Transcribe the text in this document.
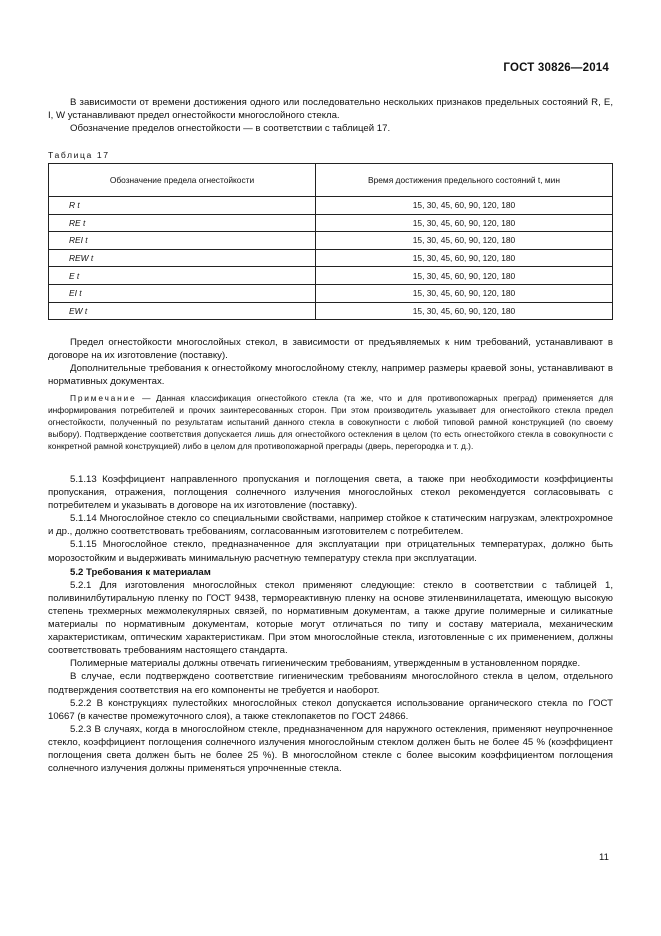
ГОСТ 30826—2014

В зависимости от времени достижения одного или последовательно нескольких признаков предельных состояний R, E, I, W устанавливают предел огнестойкости многослойного стекла.

Обозначение пределов огнестойкости — в соответствии с таблицей 17.

Таблица 17
Обозначение предела огнестойкости	Время достижения предельного состояний t, мин
R t	15, 30, 45, 60, 90, 120, 180
RE t	15, 30, 45, 60, 90, 120, 180
REI t	15, 30, 45, 60, 90, 120, 180
REW t	15, 30, 45, 60, 90, 120, 180
E t	15, 30, 45, 60, 90, 120, 180
EI t	15, 30, 45, 60, 90, 120, 180
EW t	15, 30, 45, 60, 90, 120, 180

Предел огнестойкости многослойных стекол, в зависимости от предъявляемых к ним требований, устанавливают в договоре на их изготовление (поставку).

Дополнительные требования к огнестойкому многослойному стеклу, например размеры краевой зоны, устанавливают в нормативных документах.

Примечание — Данная классификация огнестойкого стекла (та же, что и для противопожарных преград) применяется для информирования потребителей и прочих заинтересованных сторон. При этом производитель указывает для огнестойкого стекла предел огнестойкости, полученный по результатам испытаний данного стекла в совокупности с любой типовой рамной конструкцией (по своему выбору). Подтверждение соответствия допускается лишь для огнестойкого остекления в целом (то есть огнестойкого стекла в совокупности с конкретной рамной конструкцией) либо в целом для противопожарной преграды (дверь, перегородка и т. д.).

5.1.13 Коэффициент направленного пропускания и поглощения света, а также при необходимости коэффициенты пропускания, отражения, поглощения солнечного излучения многослойных стекол рекомендуется согласовывать с потребителем и указывать в договоре на их изготовление (поставку).

5.1.14 Многослойное стекло со специальными свойствами, например стойкое к статическим нагрузкам, электрохромное и др., должно соответствовать требованиям, согласованным изготовителем с потребителем.

5.1.15 Многослойное стекло, предназначенное для эксплуатации при отрицательных температурах, должно быть морозостойким и выдерживать минимальную расчетную температуру стекла при эксплуатации.

5.2 Требования к материалам

5.2.1 Для изготовления многослойных стекол применяют следующие: стекло в соответствии с таблицей 1, поливинилбутиральную пленку по ГОСТ 9438, термореактивную пленку на основе этиленвинилацетата, имеющую высокую степень трехмерных межмолекулярных связей, по нормативным документам, а также другие полимерные и силикатные материалы по нормативным документам, которые могут отличаться по типу и составу материала, механическим характеристикам, оптическим характеристикам. При этом многослойные стекла, изготовленные с их применением, должны соответствовать требованиям настоящего стандарта.

Полимерные материалы должны отвечать гигиеническим требованиям, утвержденным в установленном порядке.

В случае, если подтверждено соответствие гигиеническим требованиям многослойного стекла в целом, отдельного подтверждения соответствия на его компоненты не требуется и наоборот.

5.2.2 В конструкциях пулестойких многослойных стекол допускается использование органического стекла по ГОСТ 10667 (в качестве промежуточного слоя), а также стеклопакетов по ГОСТ 24866.

5.2.3 В случаях, когда в многослойном стекле, предназначенном для наружного остекления, применяют неупрочненное стекло, коэффициент поглощения солнечного излучения многослойным стеклом должен быть не более 45 % (коэффициент поглощения света должен быть не более 25 %). В многослойном стекле с более высоким коэффициентом поглощения солнечного излучения должны применяться упрочненные стекла.

11
